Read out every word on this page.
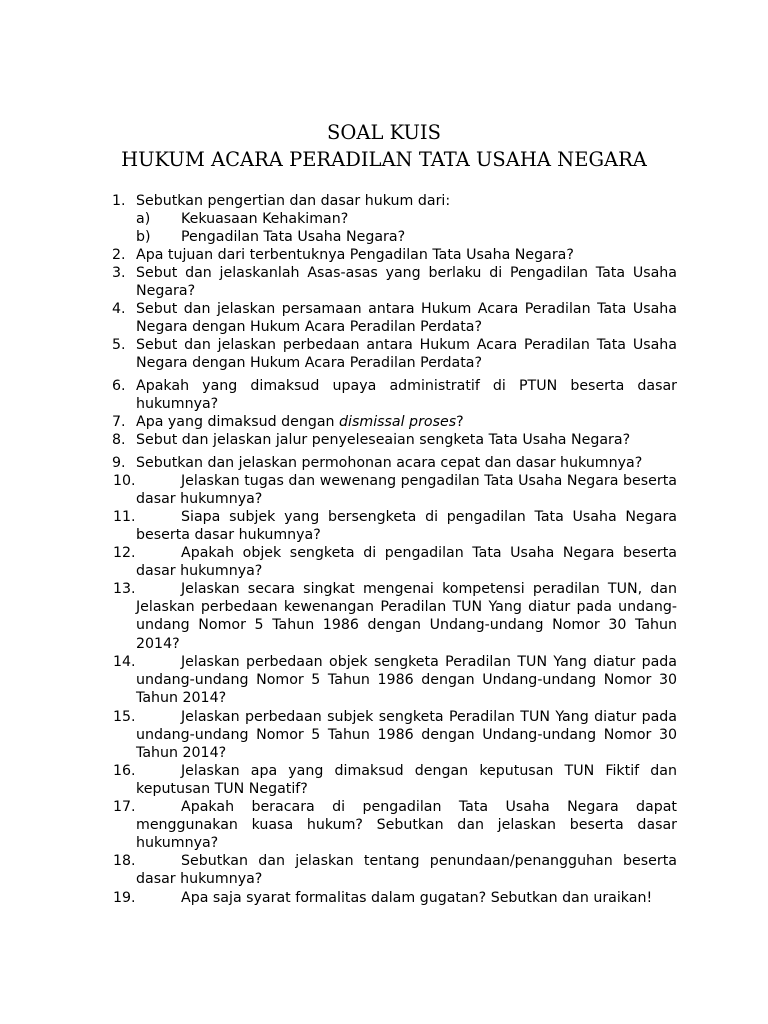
SOAL KUIS
HUKUM ACARA PERADILAN TATA USAHA NEGARA
1. Sebutkan pengertian dan dasar hukum dari:
a) Kekuasaan Kehakiman?
b) Pengadilan Tata Usaha Negara?
2. Apa tujuan dari terbentuknya Pengadilan Tata Usaha Negara?
3. Sebut dan jelaskanlah Asas-asas yang berlaku di Pengadilan Tata Usaha Negara?
4. Sebut dan jelaskan persamaan antara Hukum Acara Peradilan Tata Usaha Negara dengan Hukum Acara Peradilan Perdata?
5. Sebut dan jelaskan perbedaan antara Hukum Acara Peradilan Tata Usaha Negara dengan Hukum Acara Peradilan Perdata?
6. Apakah yang dimaksud upaya administratif di PTUN beserta dasar hukumnya?
7. Apa yang dimaksud dengan dismissal proses?
8. Sebut dan jelaskan jalur penyeleseaian sengketa Tata Usaha Negara?
9. Sebutkan dan jelaskan permohonan acara cepat dan dasar hukumnya?
10.	Jelaskan tugas dan wewenang pengadilan Tata Usaha Negara beserta dasar hukumnya?
11.	Siapa subjek yang bersengketa di pengadilan Tata Usaha Negara beserta dasar hukumnya?
12.	Apakah objek sengketa di pengadilan Tata Usaha Negara beserta dasar hukumnya?
13.	Jelaskan secara singkat mengenai kompetensi peradilan TUN, dan Jelaskan perbedaan kewenangan Peradilan TUN Yang diatur pada undang-undang Nomor 5 Tahun 1986 dengan Undang-undang Nomor 30 Tahun 2014?
14.	Jelaskan perbedaan objek sengketa Peradilan TUN Yang diatur pada undang-undang Nomor 5 Tahun 1986 dengan Undang-undang Nomor 30 Tahun 2014?
15.	Jelaskan perbedaan subjek sengketa Peradilan TUN Yang diatur pada undang-undang Nomor 5 Tahun 1986 dengan Undang-undang Nomor 30 Tahun 2014?
16.	Jelaskan apa yang dimaksud dengan keputusan TUN Fiktif dan keputusan TUN Negatif?
17.	Apakah beracara di pengadilan Tata Usaha Negara dapat menggunakan kuasa hukum? Sebutkan dan jelaskan beserta dasar hukumnya?
18.	Sebutkan dan jelaskan tentang penundaan/penangguhan beserta dasar hukumnya?
19.	Apa saja syarat formalitas dalam gugatan? Sebutkan dan uraikan!
